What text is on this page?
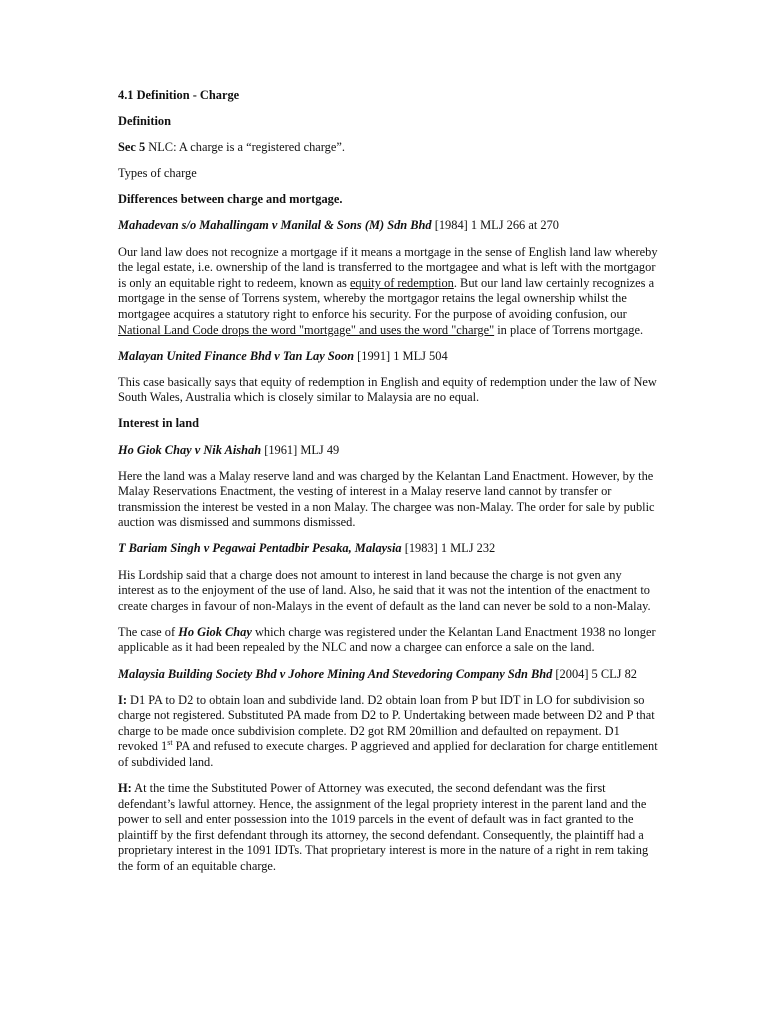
4.1 Definition - Charge

Definition

Sec 5 NLC: A charge is a “registered charge”.

Types of charge

Differences between charge and mortgage.

Mahadevan s/o Mahallingam v Manilal & Sons (M) Sdn Bhd [1984] 1 MLJ 266 at 270

Our land law does not recognize a mortgage if it means a mortgage in the sense of English land law whereby the legal estate, i.e. ownership of the land is transferred to the mortgagee and what is left with the mortgagor is only an equitable right to redeem, known as equity of redemption. But our land law certainly recognizes a mortgage in the sense of Torrens system, whereby the mortgagor retains the legal ownership whilst the mortgagee acquires a statutory right to enforce his security. For the purpose of avoiding confusion, our National Land Code drops the word "mortgage" and uses the word "charge" in place of Torrens mortgage.

Malayan United Finance Bhd v Tan Lay Soon [1991] 1 MLJ 504

This case basically says that equity of redemption in English and equity of redemption under the law of New South Wales, Australia which is closely similar to Malaysia are no equal.

Interest in land

Ho Giok Chay v Nik Aishah [1961] MLJ 49

Here the land was a Malay reserve land and was charged by the Kelantan Land Enactment. However, by the Malay Reservations Enactment, the vesting of interest in a Malay reserve land cannot by transfer or transmission the interest be vested in a non Malay. The chargee was non-Malay. The order for sale by public auction was dismissed and summons dismissed.

T Bariam Singh v Pegawai Pentadbir Pesaka, Malaysia [1983] 1 MLJ 232

His Lordship said that a charge does not amount to interest in land because the charge is not gven any interest as to the enjoyment of the use of land. Also, he said that it was not the intention of the enactment to create charges in favour of non-Malays in the event of default as the land can never be sold to a non-Malay.

The case of Ho Giok Chay which charge was registered under the Kelantan Land Enactment 1938 no longer applicable as it had been repealed by the NLC and now a chargee can enforce a sale on the land.

Malaysia Building Society Bhd v Johore Mining And Stevedoring Company Sdn Bhd [2004] 5 CLJ 82

I: D1 PA to D2 to obtain loan and subdivide land. D2 obtain loan from P but IDT in LO for subdivision so charge not registered. Substituted PA made from D2 to P. Undertaking between made between D2 and P that charge to be made once subdivision complete. D2 got RM 20million and defaulted on repayment. D1 revoked 1st PA and refused to execute charges. P aggrieved and applied for declaration for charge entitlement of subdivided land.

H: At the time the Substituted Power of Attorney was executed, the second defendant was the first defendant’s lawful attorney. Hence, the assignment of the legal propriety interest in the parent land and the power to sell and enter possession into the 1019 parcels in the event of default was in fact granted to the plaintiff by the first defendant through its attorney, the second defendant. Consequently, the plaintiff had a proprietary interest in the 1091 IDTs. That proprietary interest is more in the nature of a right in rem taking the form of an equitable charge.
